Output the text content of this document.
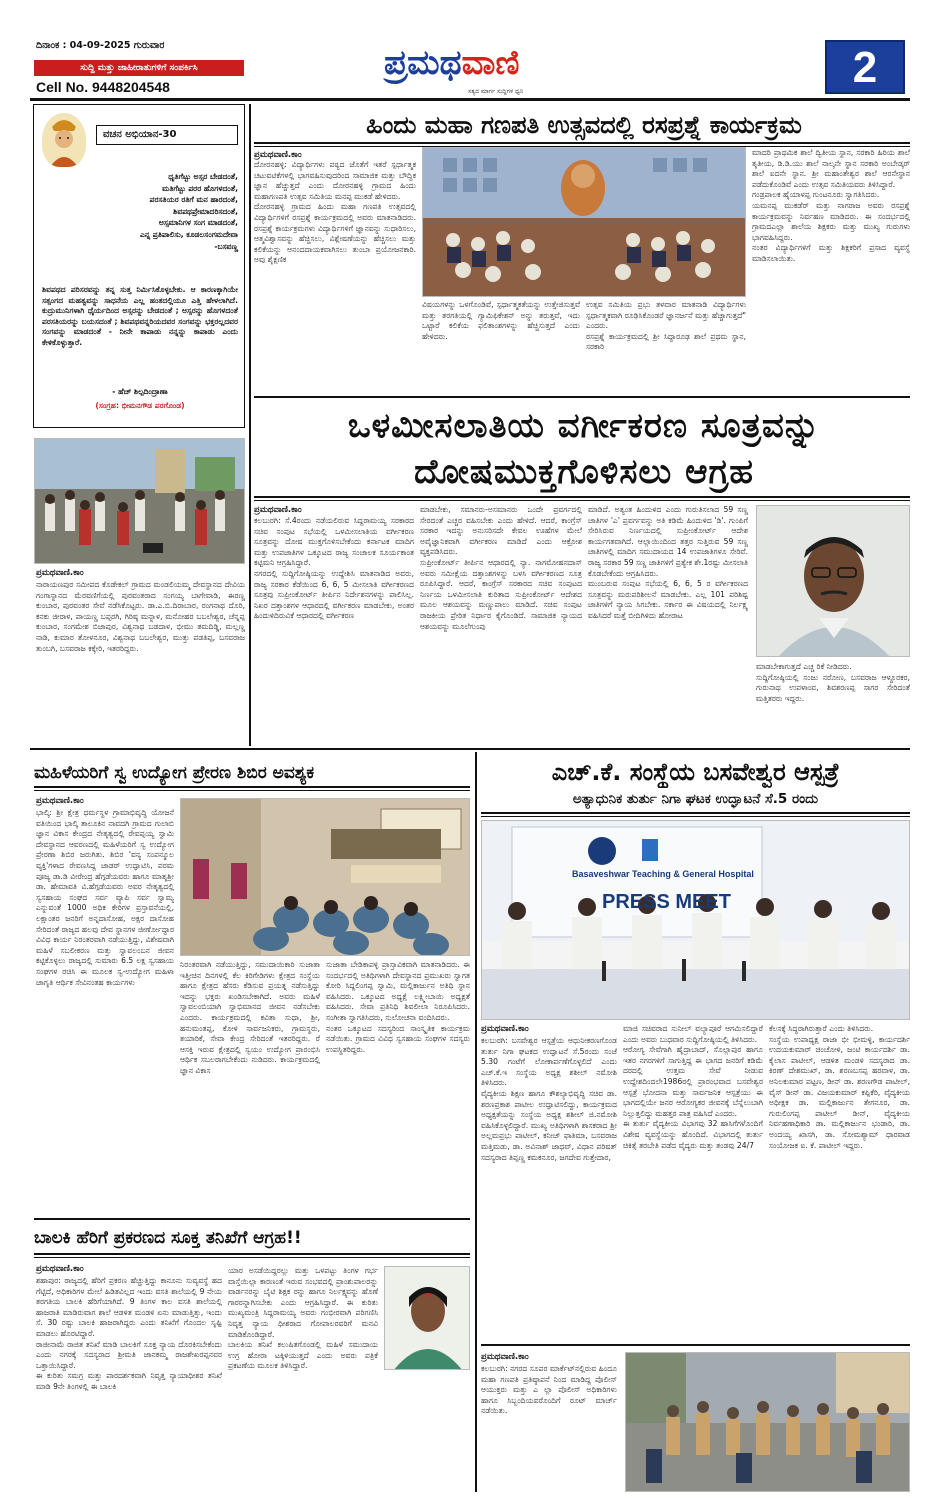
ದಿನಾಂಕ : 04-09-2025 ಗುರುವಾರ
ಸುದ್ದಿ ಮತ್ತು ಜಾಹೀರಾತುಗಳಿಗೆ ಸಂಪರ್ಕಿಸಿ
Cell No. 9448204548
ಪ್ರಮಥವಾಣಿ
ಸತ್ಯದ ಮಾರ್ಗ ಸುದ್ದಿಗಳ ಧ್ವನಿ	2
ವಚನ ಅಭಿಯಾನ-30
ಧೃತಿಗೆಟ್ಟು ಅಸ್ಸರ ಬೇಡದಂತೆ,
ಮತಿಗೆಟ್ಟು ಪರರ ಹೊಗಳದಂತೆ,
ಪರಸತಿಯರ ರತಿಗೆ ಮನ ಹಾರದಂತೆ,
ಶಿವಪಥಪ್ರೇಮಾದರಿಸದಂತೆ,
ಅಸ್ಸಮಾನಿಗಳ ಸಂಗ ಮಾಡದಂತೆ,
ಎನ್ನ ಪ್ರತಿಪಾಲಿಸು, ಕೂಡಲಸಂಗಮದೇವಾ
-ಬಸವಣ್ಣ
ಶಿವಪಥದ ಪರಿಸರವನ್ನು ತನ್ನ ಸುತ್ತ ನಿರ್ಮಿಸಿಕೊಳ್ಳಬೇಕು. ಆ ಕಾರಣಕ್ಕಾಗಿಯೇ ಸತ್ಸಂಗದ ಮಹತ್ವವನ್ನು ಸಾಧನೆಯ ಎಲ್ಲ ಹಂತದಲ್ಲಿಯೂ ಎತ್ತಿ ಹೇಳಲಾಗಿದೆ. ಕುದ್ರುಮುನಿಗಳಾಗಿ ಧೈರ್ಯದಿಂದ ಅಸ್ಸರನ್ನು ಬೇಡದಂತೆ ; ಅಸ್ಸರನ್ನು ಹೊಗಳದಂತೆ ಪರಸತಿಯರನ್ನು ಬಯಸದಂತೆ ; ಶಿವಪಥವನ್ನರಿಯದವರ ಸಂಗವನ್ನು ಭಕ್ತರಲ್ಲದವರ ಸಂಗವನ್ನು ಮಾಡದಂತೆ - ನೀನೇ ಕಾಪಾಡು ನನ್ನನ್ನು ಕಾಪಾಡು ಎಂದು ಕೇಳಿಕೊಳ್ಳುತ್ತಾರೆ.
- ಹೆಚ್ ಶಿಲ್ಪದಿಂದ್ರಾಣಾ
(ಸಂಗ್ರಹ: ಭೀಮನಗೌಡ ಪರಗೊಂಡ)
ಹಿಂದು ಮಹಾ ಗಣಪತಿ ಉತ್ಸವದಲ್ಲಿ ರಸಪ್ರಶ್ನೆ ಕಾರ್ಯಕ್ರಮ
ಪ್ರಮಥವಾಣಿ.ಕಾಂ
ದೋರನಹಳ್ಳಿ: ವಿದ್ಯಾರ್ಥಿಗಳು ಪಠ್ಯದ ಜೊತೆಗೆ ಇತರೆ ಸ್ಪರ್ಧಾತ್ಮಕ ಚಟುವಟಿಕೆಗಳಲ್ಲಿ ಭಾಗವಹಿಸುವುದರಿಂದ ಸಾಮಾಜಿಕ ಮತ್ತು ಬೌದ್ಧಿಕ ಜ್ಞಾನ ಹೆಚ್ಚುತ್ತದೆ ಎಂದು ದೋರನಹಳ್ಳಿ ಗ್ರಾಮದ ಹಿಂದು ಮಹಾಗಣಪತಿ ಉತ್ಸವ ಸಮಿತಿಯ ಮನಪ್ಪ ಮುಕಡೆ ಹೇಳಿದರು.
ದೋರನಹಳ್ಳಿ ಗ್ರಾಮದ ಹಿಂದು ಮಹಾ ಗಣಪತಿ ಉತ್ಸವದಲ್ಲಿ ವಿದ್ಯಾರ್ಥಿಗಳಿಗೆ ರಸಪ್ರಶ್ನೆ ಕಾರ್ಯಕ್ರಮದಲ್ಲಿ ಅವರು ಮಾತನಾಡಿದರು. ರಸಪ್ರಶ್ನೆ ಕಾರ್ಯಕ್ರಮಗಳು ವಿದ್ಯಾರ್ಥಿಗಳಿಗೆ ಜ್ಞಾನವನ್ನು ಸುಧಾರಿಸಲು, ಆತ್ಮವಿಶ್ವಾಸವನ್ನು ಹೆಚ್ಚಿಸಲು, ವಿಶ್ಲೇಷಣೆಯನ್ನು ಹೆಚ್ಚಿಸಲು ಮತ್ತು ಕಲಿಕೆಯನ್ನು ಆನಂದದಾಯಕವಾಗಿಸಲು ತುಂಬಾ ಪ್ರಯೋಜನಕಾರಿ. ಅವು ಶೈಕ್ಷಣಿಕ
ವಿಷಯಗಳನ್ನು ಒಳಗೊಂಡಿವೆ, ಸ್ಪರ್ಧಾತ್ಮಕತೆಯನ್ನು ಉತ್ತೇಜಿಸುತ್ತವೆ ಮತ್ತು ತರಗತಿಯಲ್ಲಿ ಗ್ಯಾಮಿಫಿಕೇಶನ್ ಅನ್ನು ತರುತ್ತವೆ, ಇದು ಒಟ್ಟಾರೆ ಕಲಿಕೆಯ ಫಲಿತಾಂಶಗಳನ್ನು ಹೆಚ್ಚಿಸುತ್ತದೆ ಎಂದು ಹೇಳಿದರು.
ಉತ್ಸವ ಸಮಿತಿಯ ಪ್ರಭು ತಳವಾರ ಮಾತನಾಡಿ ವಿದ್ಯಾರ್ಥಿಗಳು ಸ್ಪರ್ಧಾತ್ಮಕವಾಗಿ ರೂಢಿಸಿಕೊಂಡರೆ ಜ್ಞಾನರ್ಜನೆ ಮತ್ತು ಹೆಚ್ಚಾಗುತ್ತದೆ" ಎಂದರು.
ರಸಪ್ರಶ್ನೆ ಕಾರ್ಯಕ್ರಮದಲ್ಲಿ ಶ್ರೀ ಸಿದ್ಧಾರೂಢ ಶಾಲೆ ಪ್ರಥಮ ಸ್ಥಾನ, ಸರಕಾರಿ
ಮಾದರಿ ಪ್ರಾಥಮಿಕ ಶಾಲೆ ದ್ವಿತೀಯ ಸ್ಥಾನ, ಸರಕಾರಿ ಹಿರಿಯ ಶಾಲೆ ತೃತೀಯ, ಡಿ.ಡಿ.ಯು ಶಾಲೆ ನಾಲ್ಕನೇ ಸ್ಥಾನ ಸರಕಾರಿ ಅಂಬೇಡ್ಕರ್ ಶಾಲೆ ಐದನೇ ಸ್ಥಾನ. ಶ್ರೀ ಮಹಾಂತೇಶ್ವರ ಶಾಲೆ ಆರನೇಸ್ಥಾನ ಪಡೆದುಕೊಂಡಿವೆ ಎಂದು ಉತ್ಸವ ಸಮಿತಿಯವರು ತಿಳಿಸಿದ್ದಾರೆ.
ಗಂಡ್ರಪಾಲಕ ಹೈಯಾಳಪ್ಪ ಗುಂಟನೂರು ಸ್ವಾಗತಿಸಿದರು.
ಯಮನಪ್ಪ ಮುಕಡೆರ್ ಮತ್ತು ನಾಗರಾಜ ಅವರು ರಸಪ್ರಶ್ನೆ ಕಾರ್ಯಕ್ರಮವನ್ನು ನಿರ್ವಹಣ ಮಾಡಿದರು. ಈ ಸಂದರ್ಭದಲ್ಲಿ ಗ್ರಾಮದಎಲ್ಲಾ ಶಾಲೆಯ ಶಿಕ್ಷಕರು ಮತ್ತು ಮುಖ್ಯ ಗುರುಗಳು ಭಾಗವಹಿಸಿದ್ದರು.
ನಂತರ ವಿದ್ಯಾರ್ಥಿಗಳಿಗೆ ಮತ್ತು ಶಿಕ್ಷಕರಿಗೆ ಪ್ರಸಾದ ವ್ಯವಸ್ಥೆ ಮಾಡಿಸಲಾಯಿತು.
ಒಳಮೀಸಲಾತಿಯ ವರ್ಗೀಕರಣ ಸೂತ್ರವನ್ನು
ದೋಷಮುಕ್ತಗೊಳಿಸಲು ಆಗ್ರಹ
ಪ್ರಮಥವಾಣಿ.ಕಾಂ
ಕಲಬುರಗಿ: ಸೆ.4ರಂದು ನಡೆಯಲಿರುವ ಸಿದ್ದರಾಮಯ್ಯ ಸರಕಾರದ ಸಚಿವ ಸಂಪುಟ ಸಭೆಯಲ್ಲಿ ಒಳಮೀಸಲಾತಿಯ ವರ್ಗೀಕರಣ ಸೂತ್ರವನ್ನು ದೋಷ ಮುಕ್ತಗೊಳಿಸಬೇಕೆಂದು ಕರ್ನಾಟಕ ಮಾದಿಗ ಮತ್ತು ಉಪಜಾತಿಗಳ ಒಕ್ಕೂಟದ ರಾಜ್ಯ ಸಂಚಾಲಕ ಸೂರ್ಯಕಾಂತ ಕಟ್ಟಿಮನಿ ಆಗ್ರಹಿಸಿದ್ದಾರೆ.
ನಗರದಲ್ಲಿ ಸುದ್ದಿಗೋಷ್ಠಿಯನ್ನು ಉದ್ದೇಶಿಸಿ ಮಾತನಾಡಿದ ಅವರು, ರಾಜ್ಯ ಸರಕಾರ ಕೆಡೆಯಿಂದ 6, 6, 5 ಮೀಸಲಾತಿ ವರ್ಗೀಕರಣದ ಸೂತ್ರವು ಸುಪ್ರೀಂಕೋರ್ಟ್ ತೀರ್ಪಿನ ನಿರ್ದೇಶನಗಳನ್ನು ಪಾಲಿಸಿಲ್ಲ. ನಿಖರ ದತ್ತಾಂಶಗಳ ಆಧಾರದಲ್ಲಿ ವರ್ಗೀಕರಣ ಮಾಡಬೇಕು, ಅಂತರ ಹಿಂದುಳಿದಿರುವಿಕೆ ಆಧಾರದಲ್ಲಿ ವರ್ಗೀಕರಣ
ಮಾಡಬೇಕು, ಸಮಾನರು-ಅಸಮಾನರು ಒಂದೇ ಪ್ರವರ್ಗದಲ್ಲಿ ಸೇರದಂತೆ ಎಚ್ಚರ ವಹಿಸಬೇಕು ಎಂದು ಹೇಳಿದೆ. ಆದರೆ, ಕಾಂಗ್ರೆಸ್ ಸರಕಾರ ಇದನ್ನು ಅನುಸರಿಸದೇ ಕೇವಲ ಊಹೆಗಳ ಮೇಲೆ ಅವೈಜ್ಞಾನಿಕವಾಗಿ ವರ್ಗೀಕರಣ ಮಾಡಿದೆ ಎಂದು ಆಕ್ರೋಶ ವ್ಯಕ್ತಪಡಿಸಿದರು.
ಸುಪ್ರೀಂಕೋರ್ಟ್ ತೀರ್ಪಿನ ಆಧಾರದಲ್ಲಿ ನ್ಯಾ. ನಾಗಮೋಹನದಾಸ್ ಅವರು ಸಮೀಕ್ಷೆಯ ದತ್ತಾಂಶಗಳನ್ನು ಬಳಸಿ ವರ್ಗೀಕರಣದ ಸೂತ್ರ ರೂಪಿಸಿದ್ದಾರೆ. ಆದರೆ, ಕಾಂಗ್ರೆಸ್ ಸರಕಾರದ ಸಚಿವ ಸಂಪುಟದ ನಿರ್ಣಯ ಒಳಮೀಸಲಾತಿ ಕುರಿತಾದ ಸುಪ್ರೀಂಕೋರ್ಟ್ ಆದೇಶದ ಮೂಲ ಆಶಯವನ್ನು ಮಣ್ಣುಪಾಲು ಮಾಡಿದೆ. ಸಚಿವ ಸಂಪುಟ ರಾಜಕೀಯ ಪ್ರೇರಿತ ನಿರ್ಧಾರ ಕೈಗೊಂಡಿದೆ. ಸಾಮಾಜಿಕ ನ್ಯಾಯದ ಆಶಯವನ್ನು ಮೂಲೆಗುಂಪು
ಮಾಡಿದೆ. ಅತ್ಯಂತ ಹಿಂದುಳಿದ ಎಂದು ಗುರುತಿಸಲಾದ 59 ಸಣ್ಣ ಜಾತಿಗಳ 'ಎ' ಪ್ರವರ್ಗವನ್ನು ಅತಿ ಕಡಿಮೆ ಹಿಂದುಳಿದ 'ಡಿ'. ಗುಂಪಿಗೆ ಸೇರಿಸಿರುವ ನಿರ್ಣಯದಲ್ಲಿ ಸುಪ್ರೀಂಕೋರ್ಟ್ ಆದೇಶ ಕಾರ್ಯಗತವಾಗಿದೆ. ಆಲ್ಲಾಯಿಂದಿಂದ ತತ್ತರ ಸುತ್ತಿರುವ 59 ಸಣ್ಣ ಜಾತಿಗಳಲ್ಲಿ ಮಾದಿಗ ಸಮುದಾಯದ 14 ಉಪಜಾತಿಗಳೂ ಸೇರಿವೆ. ರಾಜ್ಯ ಸರಕಾರ 59 ಸಣ್ಣ ಜಾತಿಗಳಿಗೆ ಪ್ರತ್ಯೇಕ ಶೇ.1ರಷ್ಟು ಮೀಸಲಾತಿ ಕೊಡಬೇಕೆಂದು ಆಗ್ರಹಿಸಿದರು.
ಮುಂಬರುವ ಸಂಪುಟ ಸಭೆಯಲ್ಲಿ 6, 6, 5 ರ ವರ್ಗೀಕರಣದ ಸೂತ್ರವನ್ನು ಮರುಪರಿಶೀಲನೆ ಮಾಡಬೇಕು. ಎಲ್ಲ 101 ಪರಿಶಿಷ್ಟ ಜಾತಿಗಳಿಗೆ ನ್ಯಾಯ ಸಿಗಬೇಕು. ಸರ್ಕಾರ ಈ ವಿಷಯದಲ್ಲಿ ನಿರ್ಲಕ್ಷ್ಯ ವಹಿಸಿದರೆ ಮತ್ತೆ ಬೀದಿಗಿಳಿದು ಹೋರಾಟ
ಮಾಡಬೇಕಾಗುತ್ತದೆ ಎಚ್ಚ ರಿಕೆ ನೀಡಿದರು.
ಸುದ್ದಿಗೋಷ್ಠಿಯಲ್ಲಿ ಸಂಜು ನರೋಣ, ಬಸವರಾಜ ಆಳ್ದೂರಕರ, ಗುರುನಾಥ ಉಪಳಾಂವ, ಶಿವಶರಣಪ್ಪ ಸಾಗರ ಸೇರಿದಂತೆ ಮತ್ತಿತರರು ಇದ್ದರು.
ಪ್ರಮಥವಾಣಿ.ಕಾಂ
ನಾರಾಯಣಪುರ ಸಮೀಪದ ಕೊಡೇಕಲ್ ಗ್ರಾಮದ ಮಂಡಲಿಯಮ್ಮ ದೇವಸ್ಥಾನದ ದೇವಿಯ ಗಂಗಾಸ್ನಾನದ ಮೆರವಣಿಗೆಯಲ್ಲಿ ಪುರವಂತರಾದ ಸಂಗಯ್ಯ ಬಾಗೇವಾಡಿ, ಈರಣ್ಣ ಕುಂಬಾರ, ಪುರವಂತರ ಸೇವೆ ನಡೆಸಿಕೊಟ್ಟರು. ಡಾ.ಎ.ಬಿ.ದಿರಾಬಾರ, ರಂಗನಾಥ ದೊರಿ, ಕನಕು ಜೀರಾಳ, ಪಾಯಣ್ಣ ಬಪ್ಪರಗಿ, ಗಿರಿಷ್ಠ ಮನ್ನಾಳ, ಮನೋಹರ ಬಬಲೇಶ್ವರ, ಚೆನ್ನಪ್ಪ ಕುಂಬಾರ, ಸಂಗಮೇಶ ಬಿಜಾಪುರ, ವಿಶ್ವನಾಥ ಬಡದಾಳ, ಭೀಮು ತಮದಿಡ್ಡಿ, ಮಲ್ಲಣ್ಣ ನಾಡಿ, ಕುಮಾರ ತೋಳನೂರ, ವಿಶ್ವನಾಥ ಬಬಲೇಶ್ವರ, ಮುತ್ತು ಪಡತಿಪ್ಪ, ಬಸವರಾಜ ತುಂಬಗಿ, ಬಸವರಾಜ ಕಕ್ಕೇರಿ, ಇತರರಿದ್ದರು.
ಮಹಿಳೆಯರಿಗೆ ಸ್ವ ಉದ್ಯೋಗ ಪ್ರೇರಣ ಶಿಬಿರ ಅವಶ್ಯಕ
ಪ್ರಮಥವಾಣಿ.ಕಾಂ
ಭಾಲ್ಕಿ: ಶ್ರೀ ಕ್ಷೇತ್ರ ಧರ್ಮಸ್ಥಳ ಗ್ರಾಮಾಭಿವೃದ್ಧಿ ಯೋಜನೆ ವತಿಯಿಂದ ಭಾಲ್ಕಿ ತಾಲೂಕಿನ ನಾವದಗಿ ಗ್ರಾಮದ ಗುಲಾಬಿ ಜ್ಞಾನ ವಿಕಾಸ ಕೇಂದ್ರದ ನೇತೃತ್ವದಲ್ಲಿ ರೇವಪ್ಪಯ್ಯ ಸ್ವಾಮಿ ದೇವಸ್ಥಾನದ ಆವರಣದಲ್ಲಿ ಮಹಿಳೆಯರಿಗೆ ಸ್ವ ಉದ್ಯೋಗ ಪ್ರೇರಣಾ ಶಿಬಿರ ಜರುಗಿತು. ಶಿಬಿರ 'ವನ್ಯ ಸಂಪನ್ಮೂಲ ವ್ಯಕ್ತಿ'ಗಳಾದ ರೇವಣಸಿದ್ದ ಜಾಡರ್ ಉದ್ಘಾಟಿಸಿ, ಪರಮ ಪೂಜ್ಯ ಡಾ.ಡಿ ವೀರೇಂದ್ರ ಹೆಗ್ಗಡೆಯವರು ಹಾಗೂ ಮಾತೃಶ್ರೀ ಡಾ. ಹೇಮಾವತಿ ವಿ.ಹೆಗ್ಗಡೆಯವರು ಅವರ ನೇತೃತ್ವದಲ್ಲಿ ಸ್ವಸಹಾಯ ಸಂಘದ ಸರ್ವ ವ್ಯಾಪಿ ಸರ್ವ ಸ್ವಾಮ್ಯ ಎನ್ನುವಂತೆ 1000 ಅಧಿಕ ಕೇರಿಗಳ ಪ್ರಸ್ತಾವನೆಯಲ್ಲಿ, ಲಕ್ಷಾಂತರ ಜನರಿಗೆ ಅನ್ನದಾಸೋಹ, ಅಕ್ಷರ ದಾಸೋಹ ಸೇರಿದಂತೆ ರಾಜ್ಯದ ಹಲವು ದೇವ ಸ್ಥಾನಗಳ ಜೀರ್ಣೋದ್ಧಾರ ವಿವಿಧ ಕಾರ್ಯ ನಿರಂತರವಾಗಿ ನಡೆಯುತ್ತಿದ್ದು, ವಿಶೇಷವಾಗಿ ಮಹಿಳೆ ಸಬಲೀಕರಣ ಮತ್ತು ಸ್ವಾವಲಂಬನ ಜೀವನ ಕಟ್ಟಿಕೊಳ್ಳಲು ರಾಜ್ಯದಲ್ಲಿ ಸುಮಾರು 6.5 ಲಕ್ಷ ಸ್ವಸಹಾಯ ಸಂಘಗಳ ರಚಿಸಿ ಈ ಮೂಲಕ ಸ್ವ-ಉದ್ಯೋಗ ಮಹಿಳಾ ಜಾಗೃತಿ ಆರ್ಥಿಕ ಸೇವಿನಂತಹ ಕಾರ್ಯಗಳು
ನಿರಂತರವಾಗಿ ನಡೆಯುತ್ತಿದ್ದು, ಸಮುದಾಯಿಕಾರಿ ಸುಜಾತಾ ಇತ್ತೀಚಿನ ದಿನಗಳಲ್ಲಿ ಕೆಲ ಕಿರಿಗೇಡಿಗಳು ಕ್ಷೇತ್ರದ ಸಂಸ್ಥೆಯ ಹಾಗೂ ಕ್ಷೇತ್ರದ ಹೆಸರು ಕೆಡಿಸುವ ಪ್ರಯತ್ನ ನಡೆಸುತ್ತಿದ್ದು ಇದನ್ನು ಭಕ್ತರು ಖಂಡಿಸಬೇಕಾಗಿದೆ. ಅವರು ಮಹಿಳೆ ಸ್ವಾವಲಂಬಿಯಾಗಿ ಸ್ವಾಭಿಮಾನದ ಜೀವನ ನಡೆಸಬೇಕು ಎಂದರು. ಕಾರ್ಯಕ್ರಮದಲ್ಲಿ ಕವಿತಾ ಸುಧಾ, ಶ್ರೀ, ಹನುಮಂತಪ್ಪ, ಕೋಳಿ ಸಾರ್ವಜನಿಕರು, ಗ್ರಾಮಸ್ಥರು, ತಯಾರಿಕೆ, ಸೇವಾ ಕೇಂದ್ರ ಸೇರಿದಂತೆ ಇತರರಿದ್ದರು. ರೆ ಆಸಕ್ತಿ ಇರುವ ಕ್ಷೇತ್ರದಲ್ಲಿ ಸ್ವಯಂ ಉದ್ಯೋಗ ಪ್ರಾರಂಭಿಸಿ ಆರ್ಥಿಕ ಸಬಲರಾಗಬೇಕೆಂದು ನುಡಿದರು. ಕಾರ್ಯಕ್ರಮದಲ್ಲಿ ಜ್ಞಾನ ವಿಕಾಸ
ಸುಜಾತಾ ಬೇಡಿಕಾಪಳ್ಳಿ ಪ್ರಾಸ್ತಾವಿಕವಾಗಿ ಮಾತನಾಡಿದರು. ಈ ಸಂದರ್ಭದಲ್ಲಿ ಅತಿಥಿಗಳಾಗಿ ದೇವಸ್ಥಾನದ ಪ್ರಮುಖರು ಸ್ವಾಗತ ಕೋರಿ ಸಿದ್ದಲಿಂಗಪ್ಪ ಸ್ವಾಮಿ, ಮಲ್ಲಿಕಾರ್ಜುನ ಅತಿಥಿ ಸ್ಥಾನ ವಹಿಸಿದರು. ಒಕ್ಕೂಟದ ಅಧ್ಯಕ್ಷೆ ಲಕ್ಷ್ಮೀಬಾಯಿ ಅಧ್ಯಕ್ಷತೆ ವಹಿಸಿದರು. ಸೇವಾ ಪ್ರತಿನಿಧಿ ಶಿವಲೀಲಾ ನಿರೂಪಿಸಿದರು. ಸಂಗೀತಾ ಸ್ವಾಗತಿಸಿದರು, ಸುಲೋಚನಾ ವಂದಿಸಿದರು.
ನಂತರ ಒಕ್ಕೂಟದ ಸದಸ್ಯರಿಂದ ಸಾಂಸ್ಕೃತಿಕ ಕಾರ್ಯಕ್ರಮ ನಡೆಯಿತು. ಗ್ರಾಮದ ವಿವಿಧ ಸ್ವಸಹಾಯ ಸಂಘಗಳ ಸದಸ್ಯರು ಉಪಸ್ಥಿತರಿದ್ದರು.
ಬಾಲಕಿ ಹೆರಿಗೆ ಪ್ರಕರಣದ ಸೂಕ್ತ ತನಿಖೆಗೆ ಆಗ್ರಹ!!
ಪ್ರಮಥವಾಣಿ.ಕಾಂ
ಶಹಾಪುರ: ರಾಜ್ಯದಲ್ಲಿ ಹೆರಿಗೆ ಪ್ರಕರಣ ಹೆಚ್ಚುತ್ತಿದ್ದು ಕಾನೂನು ಸುವ್ಯವಸ್ಥೆ ಹದ ಗೆಟ್ಟಿದೆ, ಅಧಿಕಾರಿಗಳ ಮೇಲೆ ಹಿಡಿತವಿಲ್ಲದ ಇಂದು ವಸತಿ ಶಾಲೆಯಲ್ಲಿ 9 ನೇಯ ತರಗತಿಯ ಬಾಲಕಿ ಹೆರಿಗೆಯಾಗಿದೆ. 9 ತಿಂಗಳ ಕಾಲ ವಸತಿ ಶಾಲೆಯಲ್ಲಿ ಹಾಜರಾತಿ ಮಾಡಿರುವಾಗ ಶಾಲೆ ಆಡಳಿತ ಮಂಡಳಿ ಏನು ಮಾಡುತ್ತಿತ್ತು, ಇಂದು ಸೆ. 30 ರಷ್ಟು ಬಾಲಕಿ ಹಾಜರಾಗಿದ್ದರು ಎಂದು ತನಿಖೆಗೆ ಗೊಂದಲ ಸೃಷ್ಟಿ ಮಾಡಲು ಹೊರಟಿದ್ದಾರೆ.
ರಾಜೀನಾಮೆ ರಾಜಿತ ತನಿಖೆ ಮಾಡಿ ಬಾಲಕಿಗೆ ಸೂಕ್ತ ನ್ಯಾಯ ದೊರಕಿಸಬೇಕೆಂದು ಎಂದು ನಗರಕ್ಕೆ ಸದಸ್ಯರಾದ ಶ್ರೀಮತಿ ಜಾನಕಮ್ಮ ರಾಜಶೇಖರಪ್ಪನವರ ಒತ್ತಾಯಿಸಿದ್ದಾರೆ.
ಈ ಕುರಿತು ಸಮಗ್ರ ಮತ್ತು ಪಾರದರ್ಶಕವಾಗಿ ನಿವೃತ್ತ ನ್ಯಾಯಾಧೀಶರ ತನಿಖೆ ಮಾಡಿ 9ನೇ ತಿಂಗಳಲ್ಲಿ ಈ ಬಾಲಕಿ
ಯಾರ ಅಸಡೆಯಿದ್ದರಲ್ಲು ಮತ್ತು ಒಳಪಟ್ಟು ತಿಂಗಳ ಗರ್ಭ ವಾಸ್ತೆಯಿಲ್ಲಾ ಕಾರಣಂತೆ ಇರುವ ಸಂಭವದಲ್ಲಿ ಪ್ರಾಂಶುಪಾಲರನ್ನು ವಾರ್ಡನರನ್ನು ಬೈಟಿ ಶಿಕ್ಷಕ ರನ್ನು ಹಾಗೂ ನಿರ್ಲಕ್ಷ್ಯವನ್ನು ಹೊಣೆ ಗಾರರನ್ನಾಗಿಸಬೇಕು ಎಂದು ಆಗ್ರಹಿಸಿದ್ದಾರೆ. ಈ ಕುರಿತು ಮುಖ್ಯಮಂತ್ರಿ ಸಿದ್ದರಾಮಯ್ಯ ಅವರು ಗಂಭೀರವಾಗಿ ಪರಿಗಣಿಸಿ ನಿವೃತ್ತ ನ್ಯಾಯ ಧೀಶರಾದ ಗೋಪಾಲರವರಿಗೆ ಮನವಿ ಮಾಡಿಕೊಂಡಿದ್ದಾರೆ.
ಬಾಲಕಿಯ ತನಿಖೆ ಕಲುಷಿತಗೊಂಡಲ್ಲಿ ಮಹಿಳೆ ಸಮುದಾಯ ಉಗ್ರ ಹೋರಾ ಟಕ್ಕಿಳಿಯುತ್ತದೆ ಎಂದು ಅವರು ಪತ್ರಿಕೆ ಪ್ರಕಟಣೆಯ ಮೂಲಕ ತಿಳಿಸಿದ್ದಾರೆ.
ಎಚ್.ಕೆ. ಸಂಸ್ಥೆಯ ಬಸವೇಶ್ವರ ಆಸ್ಪತ್ರೆ
ಅತ್ಯಾಧುನಿಕ ತುರ್ತು ನಿಗಾ ಘಟಕ ಉದ್ಘಾಟನೆ ಸೆ.5 ರಂದು
Basaveshwar Teaching & General Hospital
PRESS MEET
ಪ್ರಮಥವಾಣಿ.ಕಾಂ
ಕಲಬುರಗಿ: ಬಸವೇಶ್ವರ ಆಸ್ಪತ್ರೆಯ ಆಧುನೀಕರಣಗೊಂಡ ತುರ್ತು ನಿಗಾ ಘಟಕದ ಉದ್ಘಾಟನೆ ಸೆ.5ರಂದು ಸಂಜೆ 5.30 ಗಂಟೆಗೆ ಲೋಕಾರ್ಪಣೆಗೊಳ್ಳಲಿದೆ ಎಂದು ಎಚ್.ಕೆ.ಇ ಸಂಸ್ಥೆಯ ಅಧ್ಯಕ್ಷ ಶಶೀಲ್ ನಮೋಶಿ ತಿಳಿಸಿದರು.
ವೈದ್ಯಕೀಯ ಶಿಕ್ಷಣ ಹಾಗೂ ಕೌಶಲ್ಯಾಭಿವೃದ್ಧಿ ಸಚಿವ ಡಾ. ಶರಣಪ್ರಕಾಶ ಪಾಟೀಲ ಉದ್ಘಾಟಿಸಲಿದ್ದು, ಕಾರ್ಯಕ್ರಮದ ಅಧ್ಯಕ್ಷತೆಯನ್ನು ಸಂಸ್ಥೆಯ ಅಧ್ಯಕ್ಷ ಶಶೀಲ್ ಜಿ.ನಮೋಶಿ ವಹಿಸಿಕೊಳ್ಳಲಿದ್ದಾರೆ. ಮುಖ್ಯ ಅತಿಥಿಗಳಾಗಿ ಶಾಸಕರಾದ ಶ್ರೀ ಅಲ್ಲಮಪ್ರಭು ಪಾಟೀಲ್, ಕನೀಜ್ ಫಾತಿಮಾ, ಬಸವರಾಜ ಮತ್ತಿಮಡು, ಡಾ. ಅವಿನಾಶ್ ಜಾಧವ್, ವಿಧಾನ ಪರಿಷತ್ ಸದಸ್ಯರಾದ ತಿಪ್ಪಣ್ಣ ಕಮಕನೂರ, ಜಗದೇವ ಗುತ್ತೇದಾರ,
ಮಾಜಿ ಸಚಿವರಾದ ಸುನೀಲ್ ವಲ್ಯಾಪೂರೆ ಆಗಮಿಸಲಿದ್ದಾರೆ ಎಂದು ಅವರು ಬುಧವಾರ ಸುದ್ದಿಗೋಷ್ಠಿಯಲ್ಲಿ ತಿಳಿಸಿದರು.
ಆರೋಗ್ಯ ಸೇವೆಗಾಗಿ ಹೈದ್ರಾಬಾದ್, ಸೊಲ್ಲಾಪುರ ಹಾಗೂ ಇತರ ನಗರಗಳಿಗೆ ಸಾಗುತ್ತಿದ್ದ ಈ ಭಾಗದ ಜನರಿಗೆ ಕಡಿಮೆ ದರದಲ್ಲಿ ಉತ್ತಮ ಸೇವೆ ನೀಡುವ ಉದ್ದೇಶದಿಂದಲೇ1986ರಲ್ಲಿ ಪ್ರಾರಂಭವಾದ ಬಸವೇಶ್ವರ ಆಸ್ಪತ್ರೆ ಭೋದನಾ ಮತ್ತು ಸಾರ್ವಜನಿಕ ಆಸ್ಪತ್ರೆಯು ಈ ಭಾಗದಲ್ಲಿಯೇ ಜನರ ಆರೋಗ್ಯಕರ ಜೀವನಕ್ಕೆ ಬೆನ್ನೆಲುಬಾಗಿ ನಿಲ್ಲುತ್ತಲಿದ್ದು ಮಹತ್ತರ ಪಾತ್ರ ವಹಿಸಿದೆ ಎಂದರು.
ಈ ತುರ್ತು ವೈದ್ಯಕೀಯ ವಿಭಾಗವು 32 ಹಾಸಿಗೆಗಳೊಂದಿಗೆ ವಿಶೇಷ ವ್ಯವಸ್ಥೆಯನ್ನು ಹೊಂದಿದೆ. ವಿಭಾಗದಲ್ಲಿ ತುರ್ತು ಚಿಕಿತ್ಸೆ ತರಬೇತಿ ಪಡೆದ ವೈದ್ಯರು ಮತ್ತು ತಂಡವು 24/7
ಕೆಲಸಕ್ಕೆ ಸಿದ್ಧರಾಗಿರುತ್ತಾರೆ ಎಂದು ತಿಳಿಸಿದರು.
ಸಂಸ್ಥೆಯ ಉಪಾಧ್ಯಕ್ಷ ರಾಜಾ ಭೀ ಭೀಮಳ್ಳಿ, ಕಾರ್ಯದರ್ಶಿ ಉದಯಕುಮಾರ್ ಚಿಂಚೋಳಿ, ಜಂಟಿ ಕಾರ್ಯದರ್ಶಿ ಡಾ. ಕೈಲಾಸ ಪಾಟೀಲ್, ಆಡಳಿತ ಮಂಡಳಿ ಸದಸ್ಯರಾದ ಡಾ. ಕಿರಣ್ ದೇಶಮುಖ್, ಡಾ. ಶರಣಬಸಪ್ಪ ಹರವಾಳ, ಡಾ. ಅನಿಲಕುಮಾರ ಪಟ್ಟಣ, ಡೀನ್ ಡಾ. ಶರಣಗೌಡ ಪಾಟೀಲ್, ವೈಸ್ ಡೀನ್ ಡಾ. ವಿಜಯಕುಮಾರ್ ಕಪ್ಪಿಕೆರಿ, ವೈದ್ಯಕೀಯ ಅಧೀಕ್ಷಕ ಡಾ. ಮಲ್ಲಿಕಾರ್ಜುನ ತೇಗನೂರ, ಡಾ. ಗುರುಲಿಂಗಪ್ಪ ಪಾಟೀಲ್ ಡೀನ್, ವೈದ್ಯಕೀಯ ನಿರ್ವಹಣಾಧಿಕಾರಿ ಡಾ. ಮಲ್ಲಿಕಾರ್ಜುನ ಭಂಡಾರಿ, ಡಾ. ಅಂದಯ್ಯ ಖಾಸಗಿ, ಡಾ. ಸೋಮಶ್ಯಾಮ್ ಧಾರವಾಡ ಸಂಯೋಜಕ ಐ. ಕೆ. ಪಾಟೀಲ್ ಇದ್ದರು.
ಪ್ರಮಥವಾಣಿ.ಕಾಂ
ಕಲಬುರಗಿ: ನಗರದ ಸೂಪರ ಮಾರ್ಕೆಟ್‌ನಲ್ಲಿರುವ ಹಿಂದೂ ಮಹಾ ಗಣಪತಿ ಪ್ರತಿಷ್ಠಾಪನೆ ನಿಂದ ಮಾಡಿದ್ದ ಪೊಲೀಸ್ ಆಯುಕ್ತರು ಮತ್ತು ಎ ಲ್ಲಾ ಪೊಲೀಸ್ ಅಧಿಕಾರಿಗಳು ಹಾಗೂ ಸಿಬ್ಬಂದಿಯವರೊಂದಿಗೆ ರೂಟ್ ಮಾರ್ಚ್ ನಡೆಯಿತು.
